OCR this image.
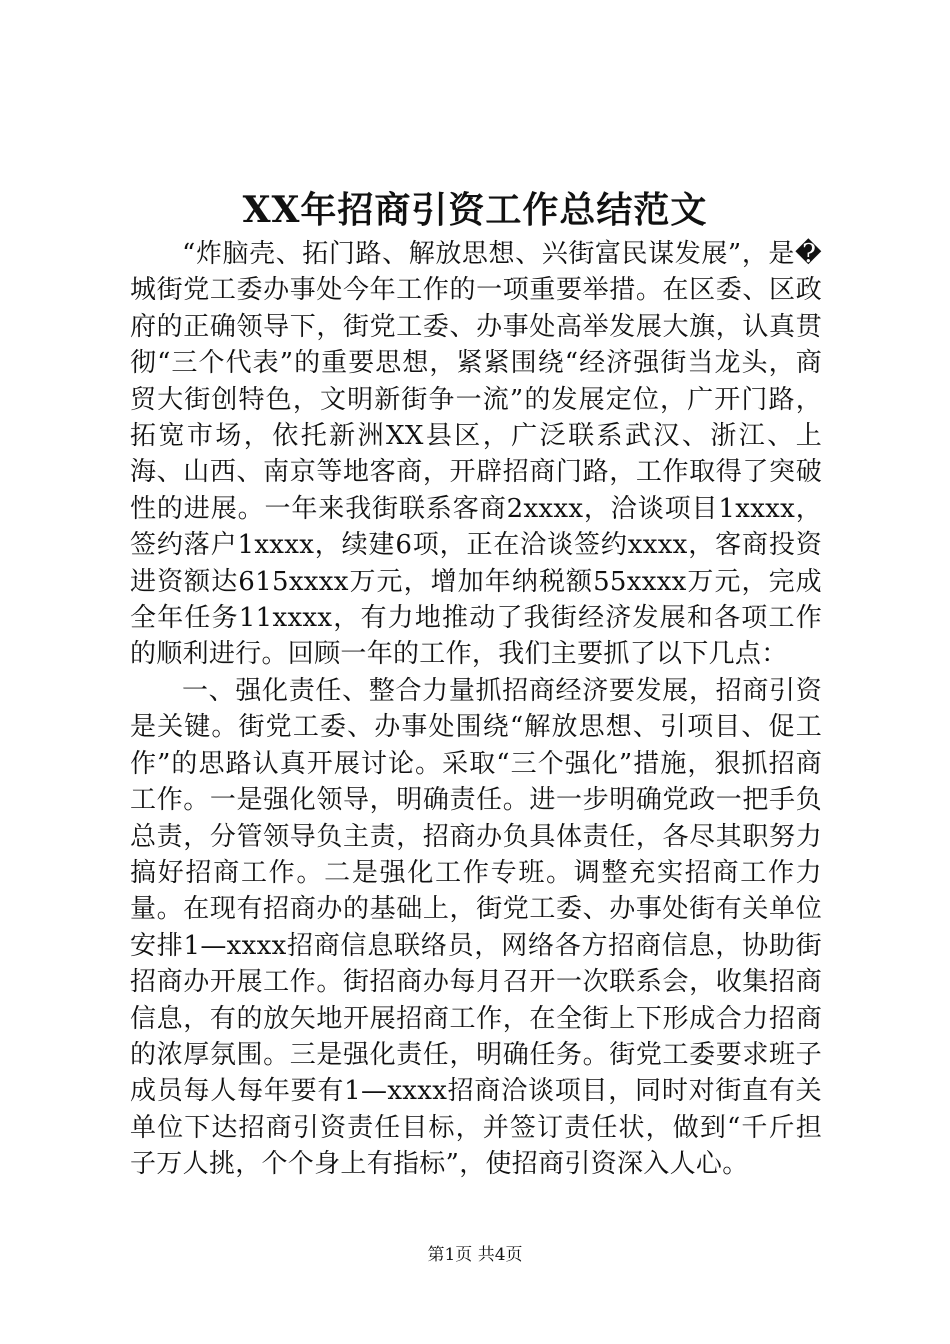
XX年招商引资工作总结范文

“炸脑壳、拓门路、解放思想、兴街富民谋发展”，是�城街党工委办事处今年工作的一项重要举措。在区委、区政府的正确领导下，街党工委、办事处高举发展大旗，认真贯彻“三个代表”的重要思想，紧紧围绕“经济强街当龙头，商贸大街创特色，文明新街争一流”的发展定位，广开门路，拓宽市场，依托新洲XX县区，广泛联系武汉、浙江、上海、山西、南京等地客商，开辟招商门路，工作取得了突破性的进展。一年来我街联系客商2xxxx，洽谈项目1xxxx，签约落户1xxxx，续建6项，正在洽谈签约xxxx，客商投资进资额达615xxxx万元，增加年纳税额55xxxx万元，完成全年任务11xxxx，有力地推动了我街经济发展和各项工作的顺利进行。回顾一年的工作，我们主要抓了以下几点：

一、强化责任、整合力量抓招商经济要发展，招商引资是关键。街党工委、办事处围绕“解放思想、引项目、促工作”的思路认真开展讨论。采取“三个强化”措施，狠抓招商工作。一是强化领导，明确责任。进一步明确党政一把手负总责，分管领导负主责，招商办负具体责任，各尽其职努力搞好招商工作。二是强化工作专班。调整充实招商工作力量。在现有招商办的基础上，街党工委、办事处街有关单位安排1—xxxx招商信息联络员，网络各方招商信息，协助街招商办开展工作。街招商办每月召开一次联系会，收集招商信息，有的放矢地开展招商工作，在全街上下形成合力招商的浓厚氛围。三是强化责任，明确任务。街党工委要求班子成员每人每年要有1—xxxx招商洽谈项目，同时对街直有关单位下达招商引资责任目标，并签订责任状，做到“千斤担子万人挑，个个身上有指标”，使招商引资深入人心。

第1页 共4页
